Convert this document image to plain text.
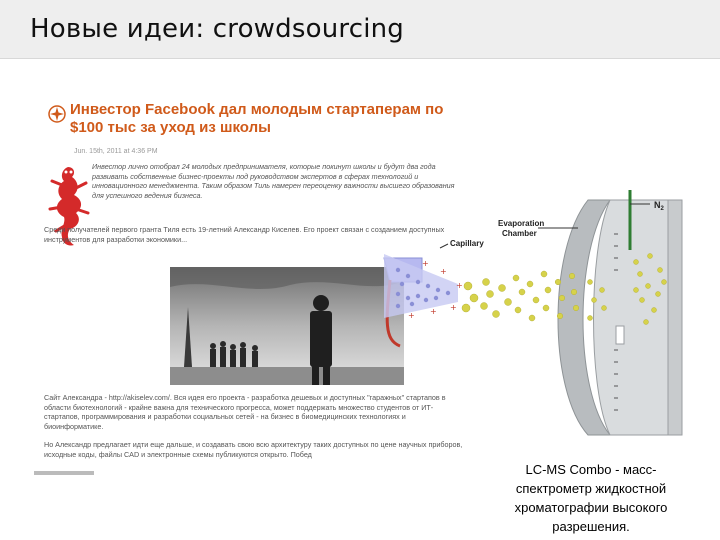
Новые идеи: crowdsourcing
Инвестор Facebook дал молодым стартаперам по $100 тыс за уход из школы
Jun. 15th, 2011 at 4:36 PM
Инвестор лично отобрал 24 молодых предпринимателя, которые покинут школы и будут два года развивать собственные бизнес-проекты под руководством экспертов в сферах технологий и инновационного менеджмента. Таким образом Тиль намерен переоценку важности высшего образования для успешного ведения бизнеса.
Среди получателей первого гранта Тиля есть 19-летний Александр Киселев. Его проект связан с созданием доступных инструментов для разработки экономики...
Сайт Александра - http://akiselev.com/. Вся идея его проекта - разработка дешевых и доступных "гаражных" стартапов в области биотехнологий - крайне важна для технического прогресса, может поддержать множество студентов от ИТ-стартапов, программирования и разработки социальных сетей - на бизнес в биомедицинских технологиях и биоинформатике.
Но Александр предлагает идти еще дальше, и создавать свою всю архитектуру таких доступных по цене научных приборов, исходные коды, файлы CAD и электронные схемы публикуются открыто. Побед
$N_2$
Evaporation
Chamber
Capillary
+
+
+
+ +
+
LC-MS Combo - масс-спектрометр жидкостной хроматографии высокого разрешения.
